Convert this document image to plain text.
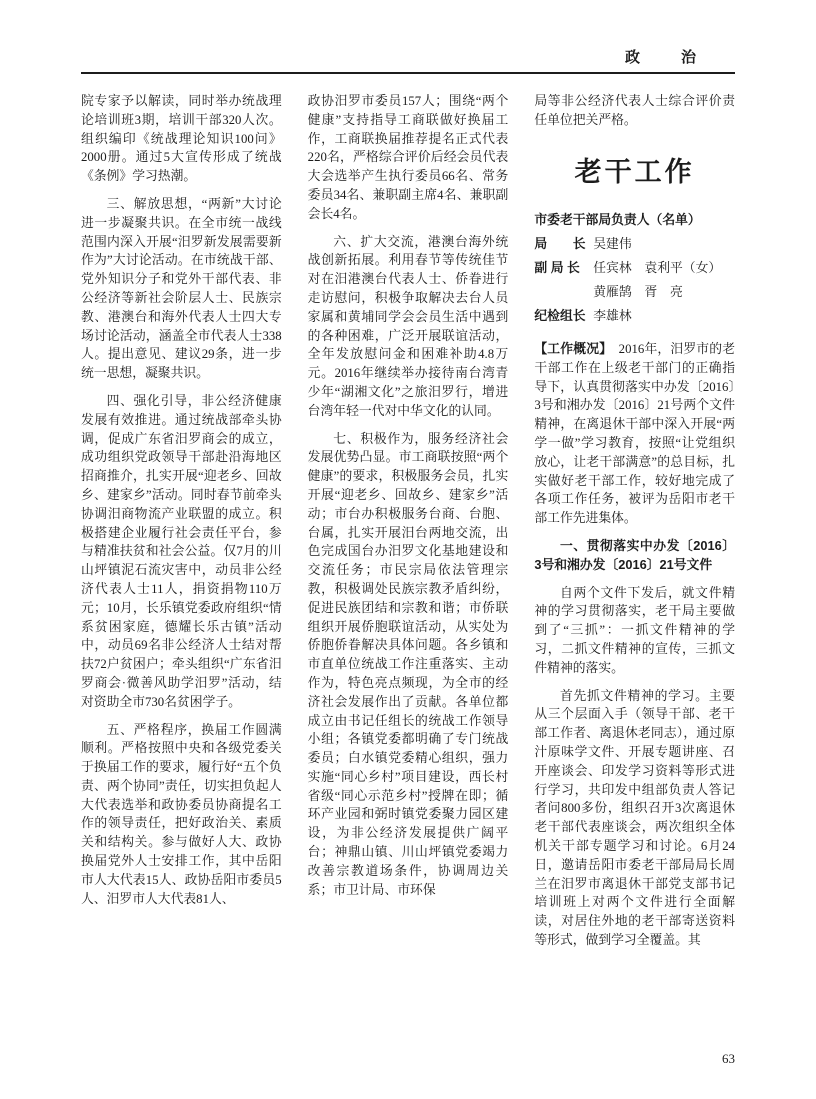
政　治

院专家予以解读，同时举办统战理论培训班3期，培训干部320人次。组织编印《统战理论知识100问》2000册。通过5大宣传形成了统战《条例》学习热潮。

三、解放思想，“两新”大讨论进一步凝聚共识。在全市统一战线范围内深入开展“汨罗新发展需要新作为”大讨论活动。在市统战干部、党外知识分子和党外干部代表、非公经济等新社会阶层人士、民族宗教、港澳台和海外代表人士四大专场讨论活动，涵盖全市代表人士338人。提出意见、建议29条，进一步统一思想，凝聚共识。

四、强化引导，非公经济健康发展有效推进。通过统战部牵头协调，促成广东省汨罗商会的成立，成功组织党政领导干部赴沿海地区招商推介，扎实开展“迎老乡、回故乡、建家乡”活动。同时春节前牵头协调汨商物流产业联盟的成立。积极搭建企业履行社会责任平台，参与精准扶贫和社会公益。仅7月的川山坪镇泥石流灾害中，动员非公经济代表人士11人，捐资捐物110万元；10月，长乐镇党委政府组织“情系贫困家庭，德耀长乐古镇”活动中，动员69名非公经济人士结对帮扶72户贫困户；牵头组织“广东省汨罗商会·微善风助学汨罗”活动，结对资助全市730名贫困学子。

五、严格程序，换届工作圆满顺利。严格按照中央和各级党委关于换届工作的要求，履行好“五个负责、两个协同”责任，切实担负起人大代表选举和政协委员协商提名工作的领导责任，把好政治关、素质关和结构关。参与做好人大、政协换届党外人士安排工作，其中岳阳市人大代表15人、政协岳阳市委员5人、汨罗市人大代表81人、

政协汨罗市委员157人；围绕“两个健康”支持指导工商联做好换届工作，工商联换届推荐提名正式代表220名，严格综合评价后经会员代表大会选举产生执行委员66名、常务委员34名、兼职副主席4名、兼职副会长4名。

六、扩大交流，港澳台海外统战创新拓展。利用春节等传统佳节对在汨港澳台代表人士、侨眷进行走访慰问，积极争取解决去台人员家属和黄埔同学会会员生活中遇到的各种困难，广泛开展联谊活动，全年发放慰问金和困难补助4.8万元。2016年继续举办接待南台湾青少年“湖湘文化”之旅汨罗行，增进台湾年轻一代对中华文化的认同。

七、积极作为，服务经济社会发展优势凸显。市工商联按照“两个健康”的要求，积极服务会员，扎实开展“迎老乡、回故乡、建家乡”活动；市台办积极服务台商、台胞、台属，扎实开展汨台两地交流，出色完成国台办汨罗文化基地建设和交流任务；市民宗局依法管理宗教，积极调处民族宗教矛盾纠纷，促进民族团结和宗教和谐；市侨联组织开展侨胞联谊活动，从实处为侨胞侨眷解决具体问题。各乡镇和市直单位统战工作注重落实、主动作为，特色亮点频现，为全市的经济社会发展作出了贡献。各单位都成立由书记任组长的统战工作领导小组；各镇党委都明确了专门统战委员；白水镇党委精心组织，强力实施“同心乡村”项目建设，西长村省级“同心示范乡村”授牌在即；循环产业园和弼时镇党委聚力园区建设，为非公经济发展提供广阔平台；神鼎山镇、川山坪镇党委竭力改善宗教道场条件，协调周边关系；市卫计局、市环保

局等非公经济代表人士综合评价责任单位把关严格。

老干工作

市委老干部局负责人（名单）

局　　长 吴建伟
副 局 长	任宾林　袁利平（女）
黄雁鹄　胥　亮
纪检组长 李雄林

【工作概况】　2016年，汨罗市的老干部工作在上级老干部门的正确指导下，认真贯彻落实中办发〔2016〕3号和湘办发〔2016〕21号两个文件精神，在离退休干部中深入开展“两学一做”学习教育，按照“让党组织放心，让老干部满意”的总目标，扎实做好老干部工作，较好地完成了各项工作任务，被评为岳阳市老干部工作先进集体。

一、贯彻落实中办发〔2016〕3号和湘办发〔2016〕21号文件

自两个文件下发后，就文件精神的学习贯彻落实，老干局主要做到了“三抓”：一抓文件精神的学习，二抓文件精神的宣传，三抓文件精神的落实。

首先抓文件精神的学习。主要从三个层面入手（领导干部、老干部工作者、离退休老同志），通过原汁原味学文件、开展专题讲座、召开座谈会、印发学习资料等形式进行学习，共印发中组部负责人答记者问800多份，组织召开3次离退休老干部代表座谈会，两次组织全体机关干部专题学习和讨论。6月24日，邀请岳阳市委老干部局局长周兰在汨罗市离退休干部党支部书记培训班上对两个文件进行全面解读，对居住外地的老干部寄送资料等形式，做到学习全覆盖。其

63
